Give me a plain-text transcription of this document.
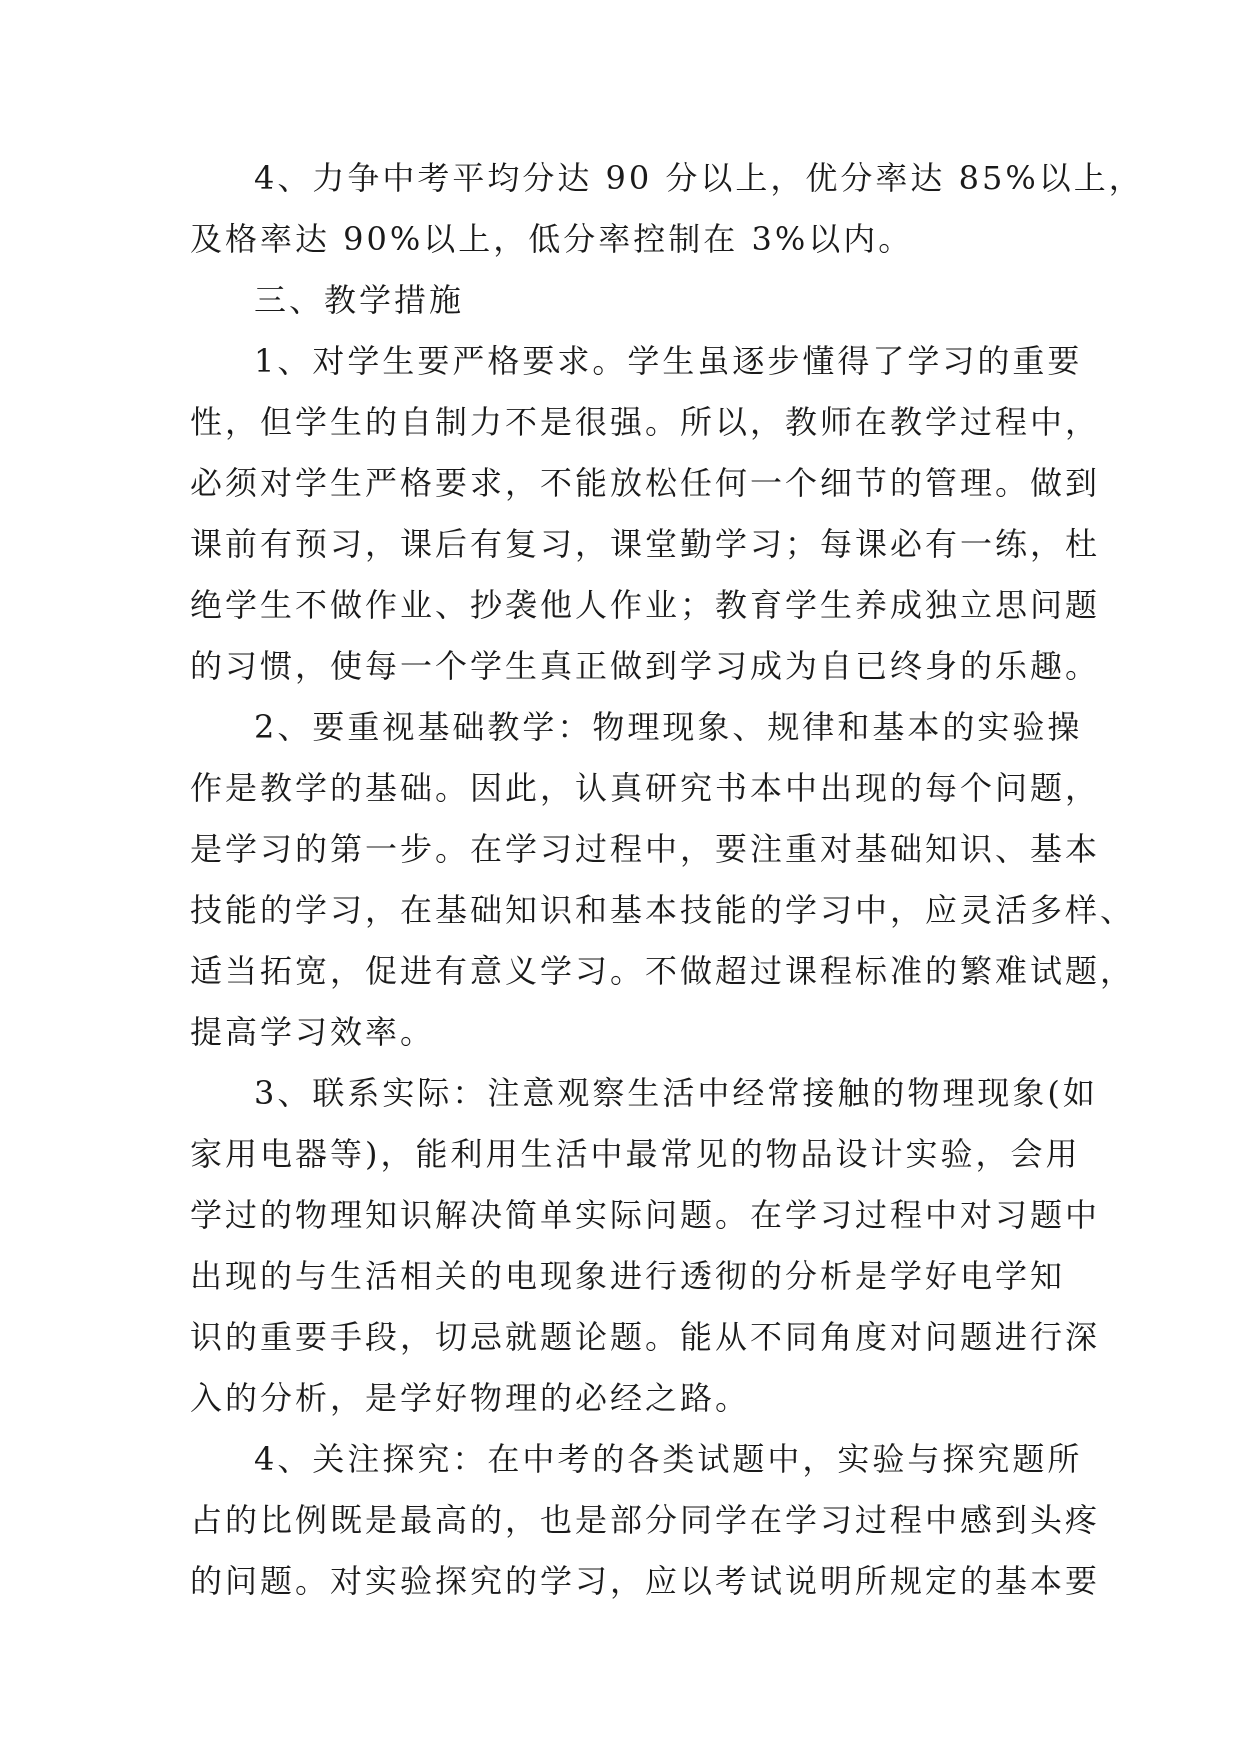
4、力争中考平均分达 90 分以上，优分率达 85%以上，

及格率达 90%以上，低分率控制在 3%以内。

三、教学措施

1、对学生要严格要求。学生虽逐步懂得了学习的重要

性，但学生的自制力不是很强。所以，教师在教学过程中，

必须对学生严格要求，不能放松任何一个细节的管理。做到

课前有预习，课后有复习，课堂勤学习；每课必有一练，杜

绝学生不做作业、抄袭他人作业；教育学生养成独立思问题

的习惯，使每一个学生真正做到学习成为自已终身的乐趣。

2、要重视基础教学：物理现象、规律和基本的实验操

作是教学的基础。因此，认真研究书本中出现的每个问题，

是学习的第一步。在学习过程中，要注重对基础知识、基本

技能的学习，在基础知识和基本技能的学习中，应灵活多样、

适当拓宽，促进有意义学习。不做超过课程标准的繁难试题，

提高学习效率。

3、联系实际：注意观察生活中经常接触的物理现象(如

家用电器等)，能利用生活中最常见的物品设计实验，会用

学过的物理知识解决简单实际问题。在学习过程中对习题中

出现的与生活相关的电现象进行透彻的分析是学好电学知

识的重要手段，切忌就题论题。能从不同角度对问题进行深

入的分析，是学好物理的必经之路。

4、关注探究：在中考的各类试题中，实验与探究题所

占的比例既是最高的，也是部分同学在学习过程中感到头疼

的问题。对实验探究的学习，应以考试说明所规定的基本要
